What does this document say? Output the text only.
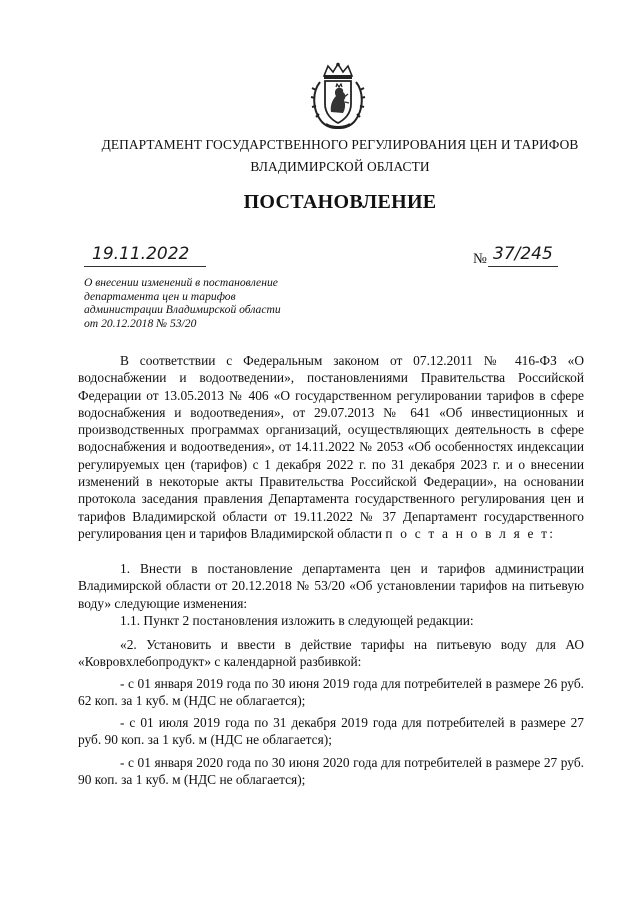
ДЕПАРТАМЕНТ ГОСУДАРСТВЕННОГО РЕГУЛИРОВАНИЯ ЦЕН И ТАРИФОВ
ВЛАДИМИРСКОЙ ОБЛАСТИ
ПОСТАНОВЛЕНИЕ
19.11.2022	№ 37/245
О внесении изменений в постановление
департамента цен и тарифов
администрации Владимирской области
от 20.12.2018 № 53/20

В соответствии с Федеральным законом от 07.12.2011 № 416-ФЗ «О водоснабжении и водоотведении», постановлениями Правительства Российской Федерации от 13.05.2013 № 406 «О государственном регулировании тарифов в сфере водоснабжения и водоотведения», от 29.07.2013 № 641 «Об инвестиционных и производственных программах организаций, осуществляющих деятельность в сфере водоснабжения и водоотведения», от 14.11.2022 № 2053 «Об особенностях индексации регулируемых цен (тарифов) с 1 декабря 2022 г. по 31 декабря 2023 г. и о внесении изменений в некоторые акты Правительства Российской Федерации», на основании протокола заседания правления Департамента государственного регулирования цен и тарифов Владимирской области от 19.11.2022 № 37 Департамент государственного регулирования цен и тарифов Владимирской области п о с т а н о в л я е т:

1. Внести в постановление департамента цен и тарифов администрации Владимирской области от 20.12.2018 № 53/20 «Об установлении тарифов на питьевую воду» следующие изменения:

1.1. Пункт 2 постановления изложить в следующей редакции:

«2. Установить и ввести в действие тарифы на питьевую воду для АО «Ковровхлебопродукт» с календарной разбивкой:

- с 01 января 2019 года по 30 июня 2019 года для потребителей в размере 26 руб. 62 коп. за 1 куб. м (НДС не облагается);

- с 01 июля 2019 года по 31 декабря 2019 года для потребителей в размере 27 руб. 90 коп. за 1 куб. м (НДС не облагается);

- с 01 января 2020 года по 30 июня 2020 года для потребителей в размере 27 руб. 90 коп. за 1 куб. м (НДС не облагается);
